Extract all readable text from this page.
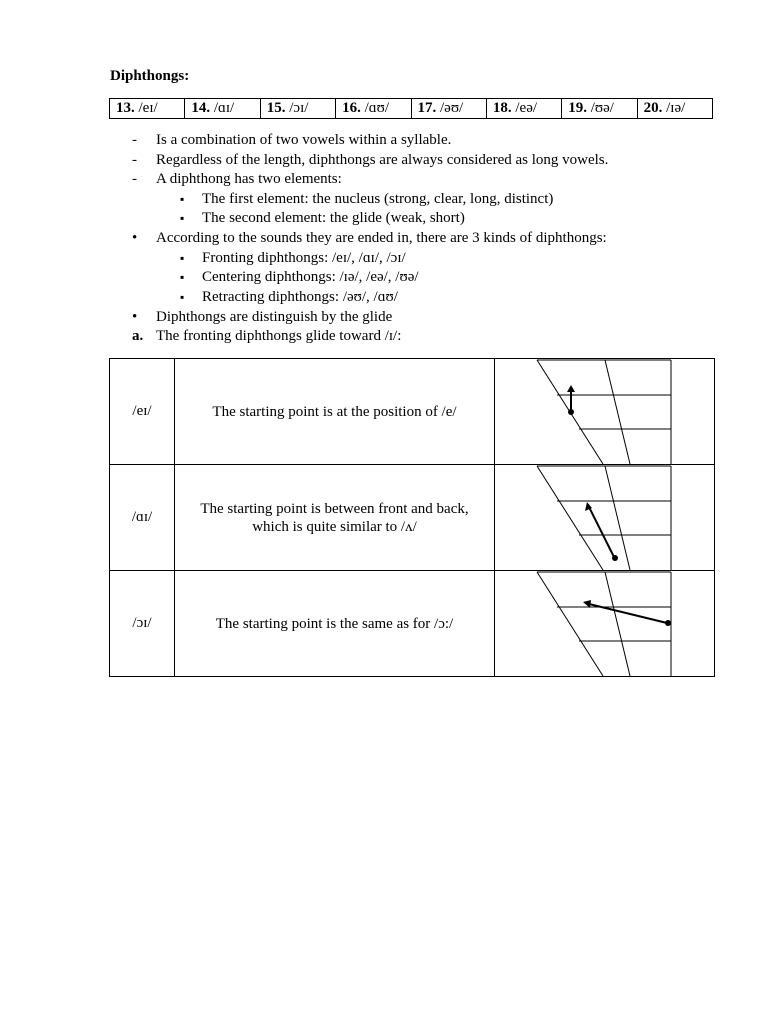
Diphthongs:
13. /eɪ/	14. /ɑɪ/	15. /ɔɪ/	16. /ɑʊ/	17. /əʊ/	18. /eə/	19. /ʊə/	20. /ɪə/
- Is a combination of two vowels within a syllable.
- Regardless of the length, diphthongs are always considered as long vowels.
- A diphthong has two elements:
▪ The first element: the nucleus (strong, clear, long, distinct)
▪ The second element: the glide (weak, short)
• According to the sounds they are ended in, there are 3 kinds of diphthongs:
▪ Fronting diphthongs: /eɪ/, /ɑɪ/, /ɔɪ/
▪ Centering diphthongs: /ɪə/, /eə/, /ʊə/
▪ Retracting diphthongs: /əʊ/, /ɑʊ/
• Diphthongs are distinguish by the glide
a. The fronting diphthongs glide toward /ɪ/:
/eɪ/	The starting point is at the position of /e/

/ɑɪ/	The starting point is between front and back,
which is quite similar to /ʌ/

/ɔɪ/	The starting point is the same as for /ɔ:/
